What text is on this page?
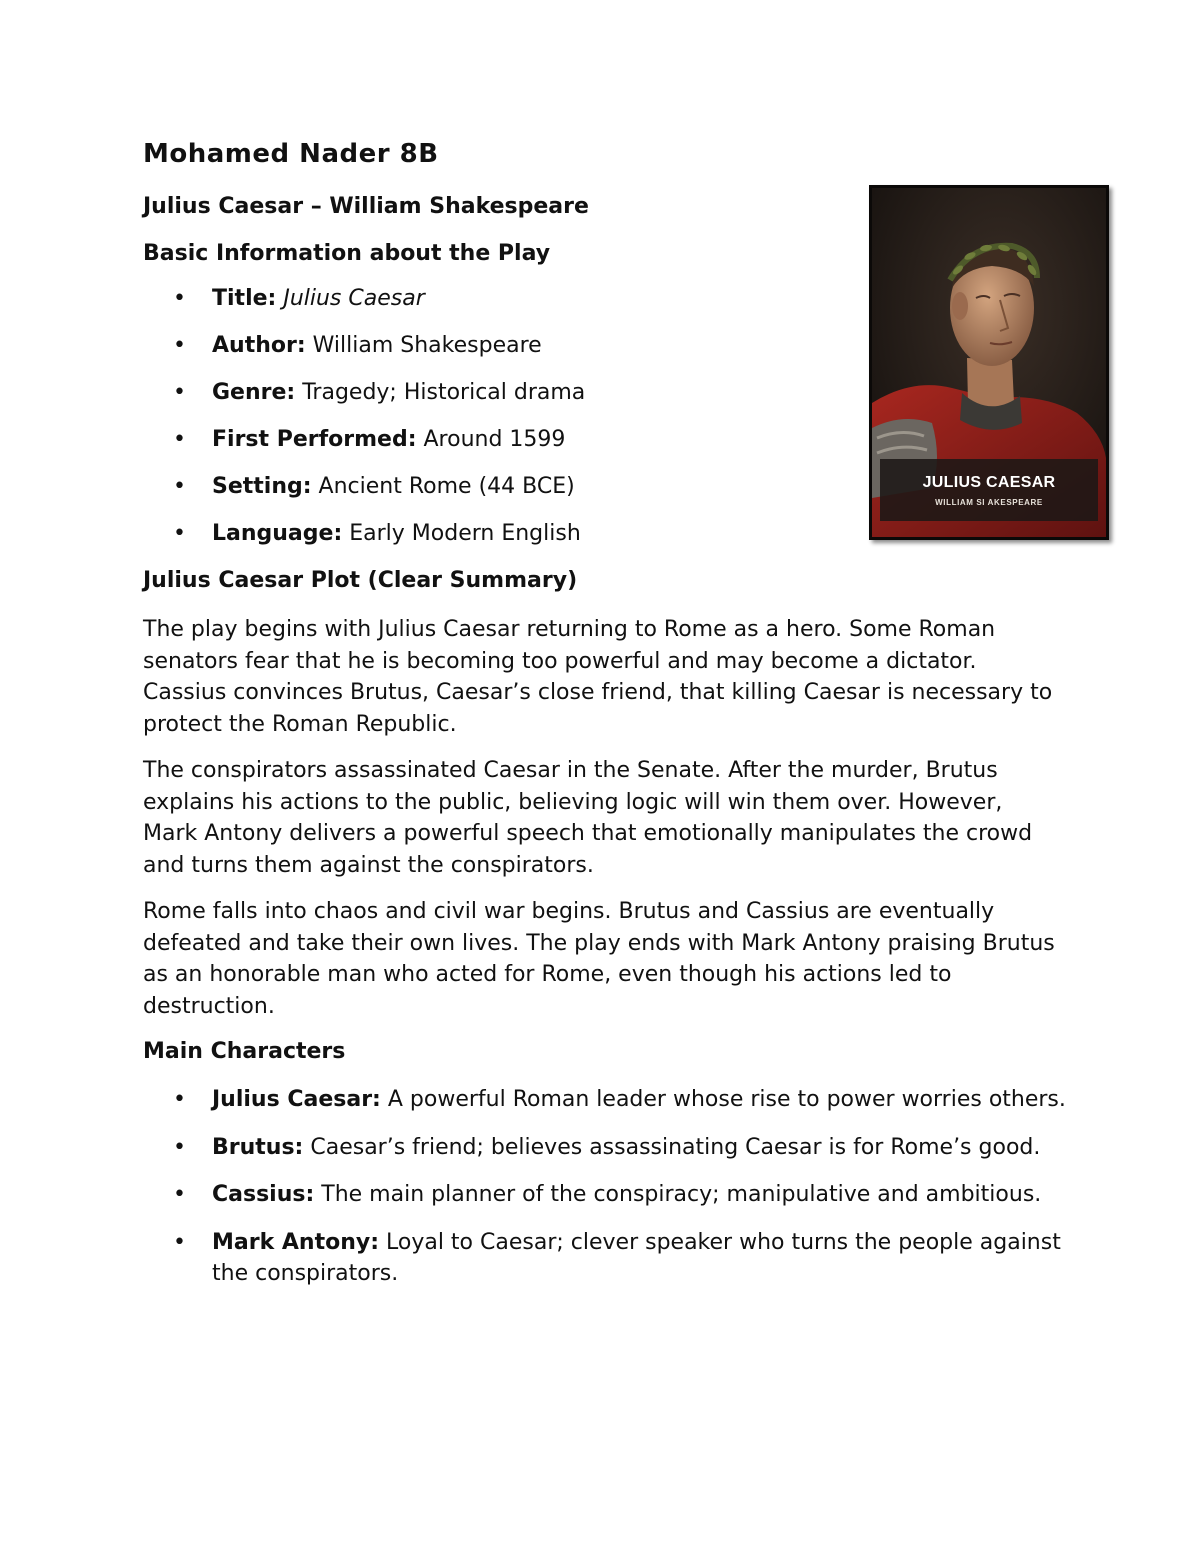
Mohamed Nader 8B

Julius Caesar – William Shakespeare

Basic Information about the Play

• Title: Julius Caesar
• Author: William Shakespeare
• Genre: Tragedy; Historical drama
• First Performed: Around 1599
• Setting: Ancient Rome (44 BCE)
• Language: Early Modern English

Julius Caesar Plot (Clear Summary)

The play begins with Julius Caesar returning to Rome as a hero. Some Roman senators fear that he is becoming too powerful and may become a dictator. Cassius convinces Brutus, Caesar’s close friend, that killing Caesar is necessary to protect the Roman Republic.

The conspirators assassinated Caesar in the Senate. After the murder, Brutus explains his actions to the public, believing logic will win them over. However, Mark Antony delivers a powerful speech that emotionally manipulates the crowd and turns them against the conspirators.

Rome falls into chaos and civil war begins. Brutus and Cassius are eventually defeated and take their own lives. The play ends with Mark Antony praising Brutus as an honorable man who acted for Rome, even though his actions led to destruction.

Main Characters

• Julius Caesar: A powerful Roman leader whose rise to power worries others.
• Brutus: Caesar’s friend; believes assassinating Caesar is for Rome’s good.
• Cassius: The main planner of the conspiracy; manipulative and ambitious.
• Mark Antony: Loyal to Caesar; clever speaker who turns the people against the conspirators.
JULIUS CAESAR
WILLIAM SI AKESPEARE
